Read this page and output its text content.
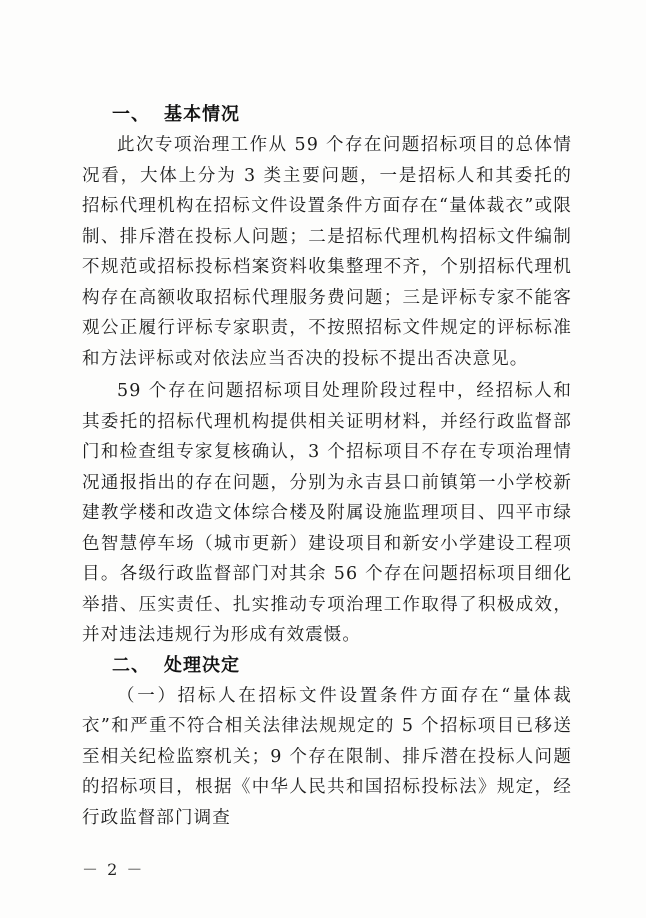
一、 基本情况

此次专项治理工作从 59 个存在问题招标项目的总体情况看，大体上分为 3 类主要问题，一是招标人和其委托的招标代理机构在招标文件设置条件方面存在“量体裁衣”或限制、排斥潜在投标人问题；二是招标代理机构招标文件编制不规范或招标投标档案资料收集整理不齐，个别招标代理机构存在高额收取招标代理服务费问题；三是评标专家不能客观公正履行评标专家职责，不按照招标文件规定的评标标准和方法评标或对依法应当否决的投标不提出否决意见。

59 个存在问题招标项目处理阶段过程中，经招标人和其委托的招标代理机构提供相关证明材料，并经行政监督部门和检查组专家复核确认，3 个招标项目不存在专项治理情况通报指出的存在问题，分别为永吉县口前镇第一小学校新建教学楼和改造文体综合楼及附属设施监理项目、四平市绿色智慧停车场（城市更新）建设项目和新安小学建设工程项目。各级行政监督部门对其余 56 个存在问题招标项目细化举措、压实责任、扎实推动专项治理工作取得了积极成效，并对违法违规行为形成有效震慑。

二、 处理决定

（一）招标人在招标文件设置条件方面存在“量体裁衣”和严重不符合相关法律法规规定的 5 个招标项目已移送至相关纪检监察机关；9 个存在限制、排斥潜在投标人问题的招标项目，根据《中华人民共和国招标投标法》规定，经行政监督部门调查

－ 2 －
